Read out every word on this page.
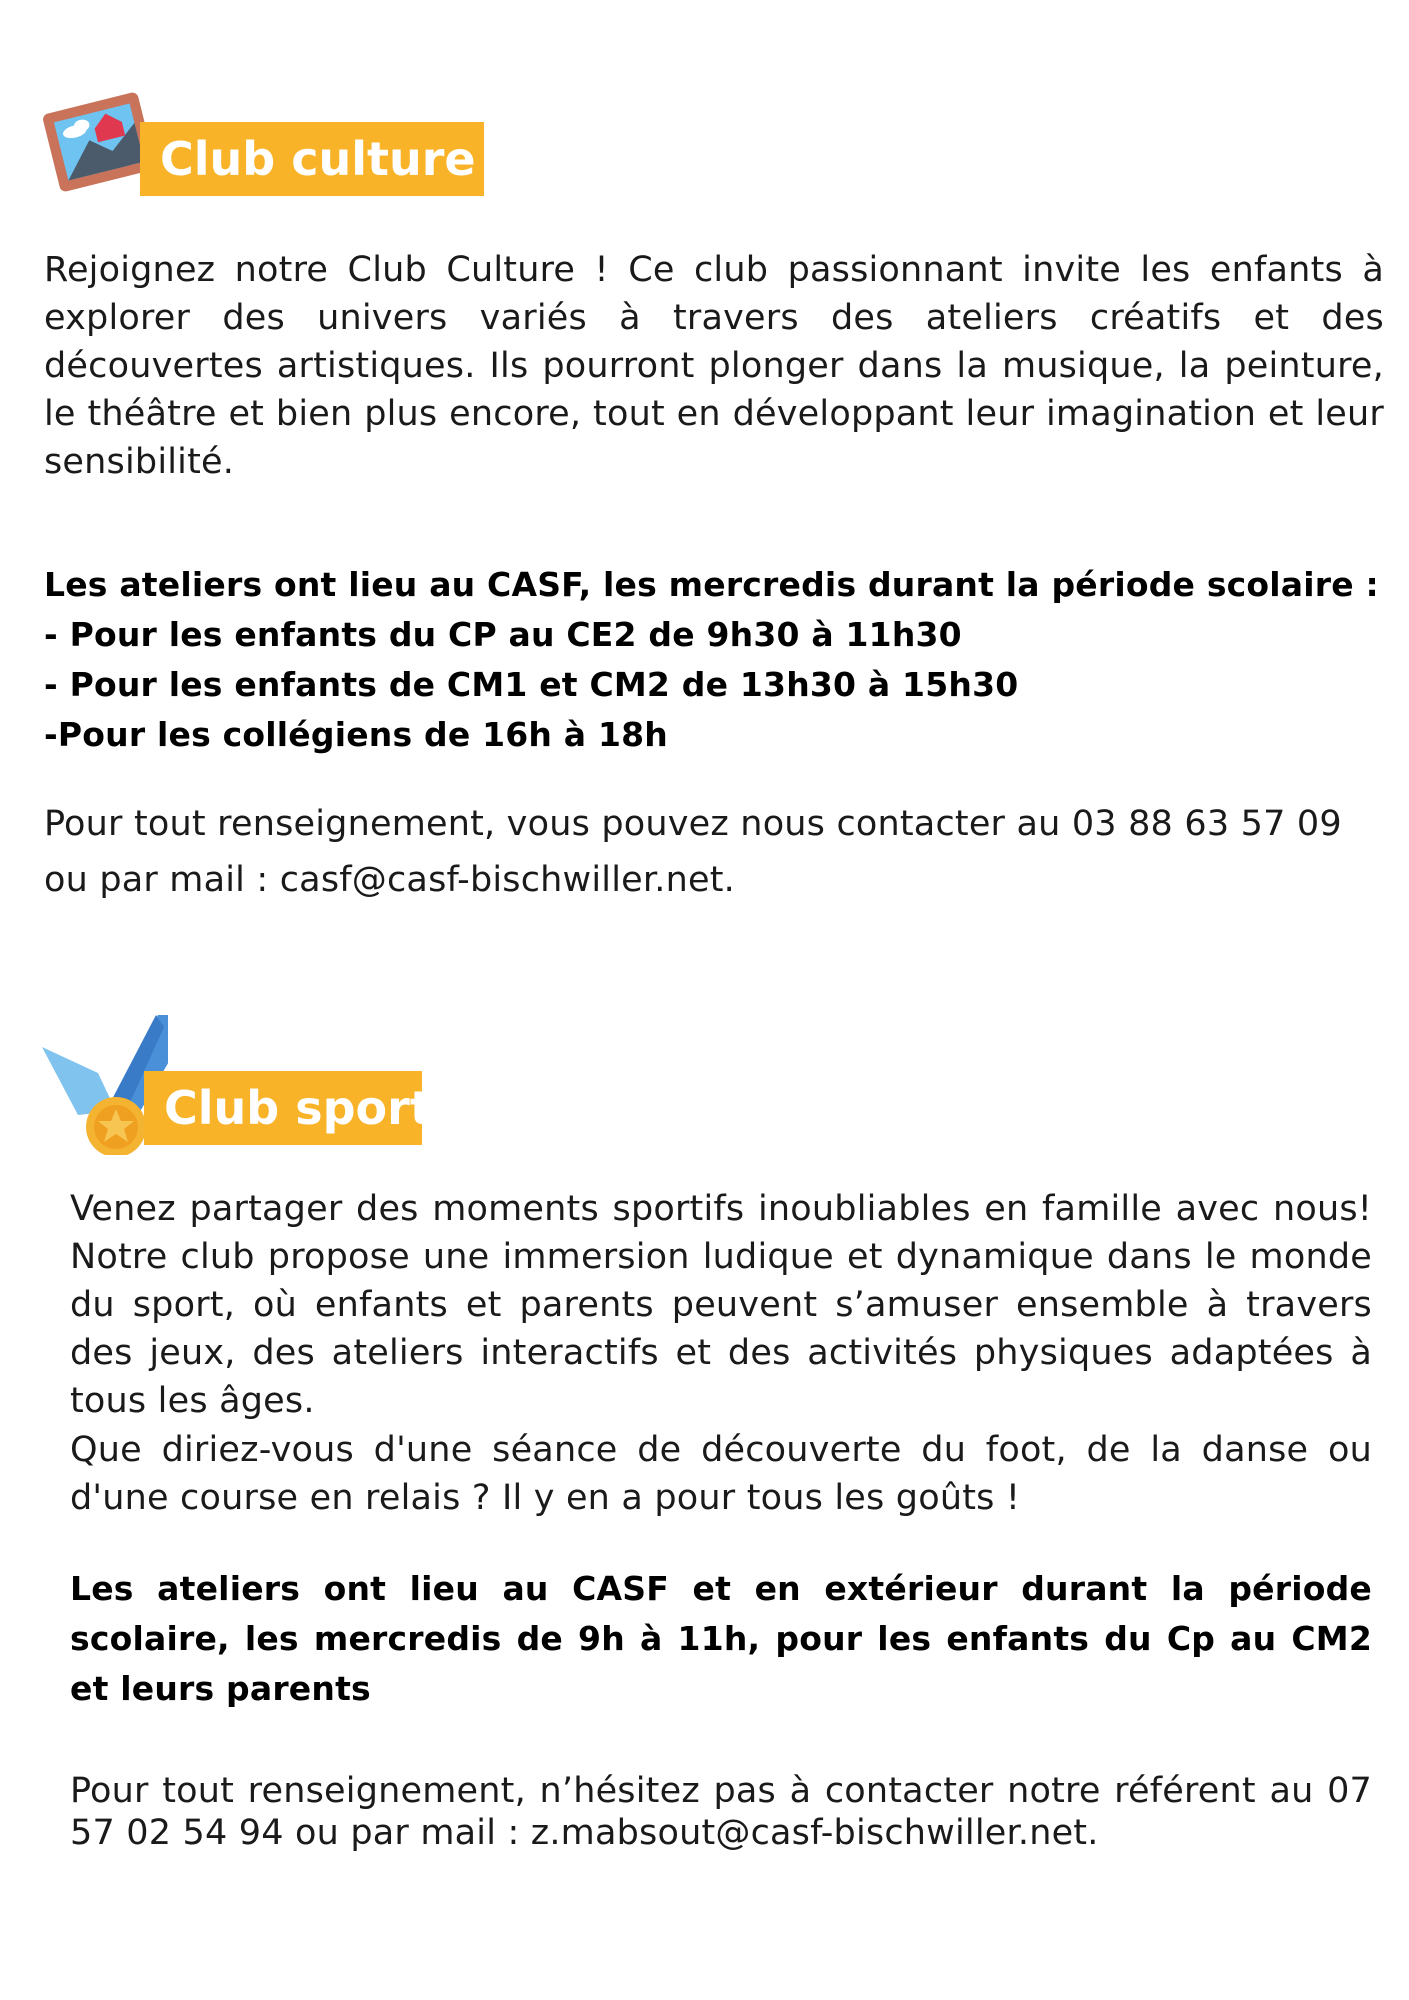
Club culture

Rejoignez notre Club Culture ! Ce club passionnant invite les enfants à explorer des univers variés à travers des ateliers créatifs et des découvertes artistiques. Ils pourront plonger dans la musique, la peinture, le théâtre et bien plus encore, tout en développant leur imagination et leur sensibilité.

Les ateliers ont lieu au CASF, les mercredis durant la période scolaire :
- Pour les enfants du CP au CE2 de 9h30 à 11h30
- Pour les enfants de CM1 et CM2 de 13h30 à 15h30
-Pour les collégiens de 16h à 18h

Pour tout renseignement, vous pouvez nous contacter au 03 88 63 57 09 ou par mail : casf@casf-bischwiller.net.

Club sport

Venez partager des moments sportifs inoubliables en famille avec nous! Notre club propose une immersion ludique et dynamique dans le monde du sport, où enfants et parents peuvent s’amuser ensemble à travers des jeux, des ateliers interactifs et des activités physiques adaptées à tous les âges.

Que diriez-vous d'une séance de découverte du foot, de la danse ou d'une course en relais ? Il y en a pour tous les goûts !

Les ateliers ont lieu au CASF et en extérieur durant la période scolaire, les mercredis de 9h à 11h, pour les enfants du Cp au CM2 et leurs parents

Pour tout renseignement, n’hésitez pas à contacter notre référent au 07 57 02 54 94 ou par mail : z.mabsout@casf-bischwiller.net.
